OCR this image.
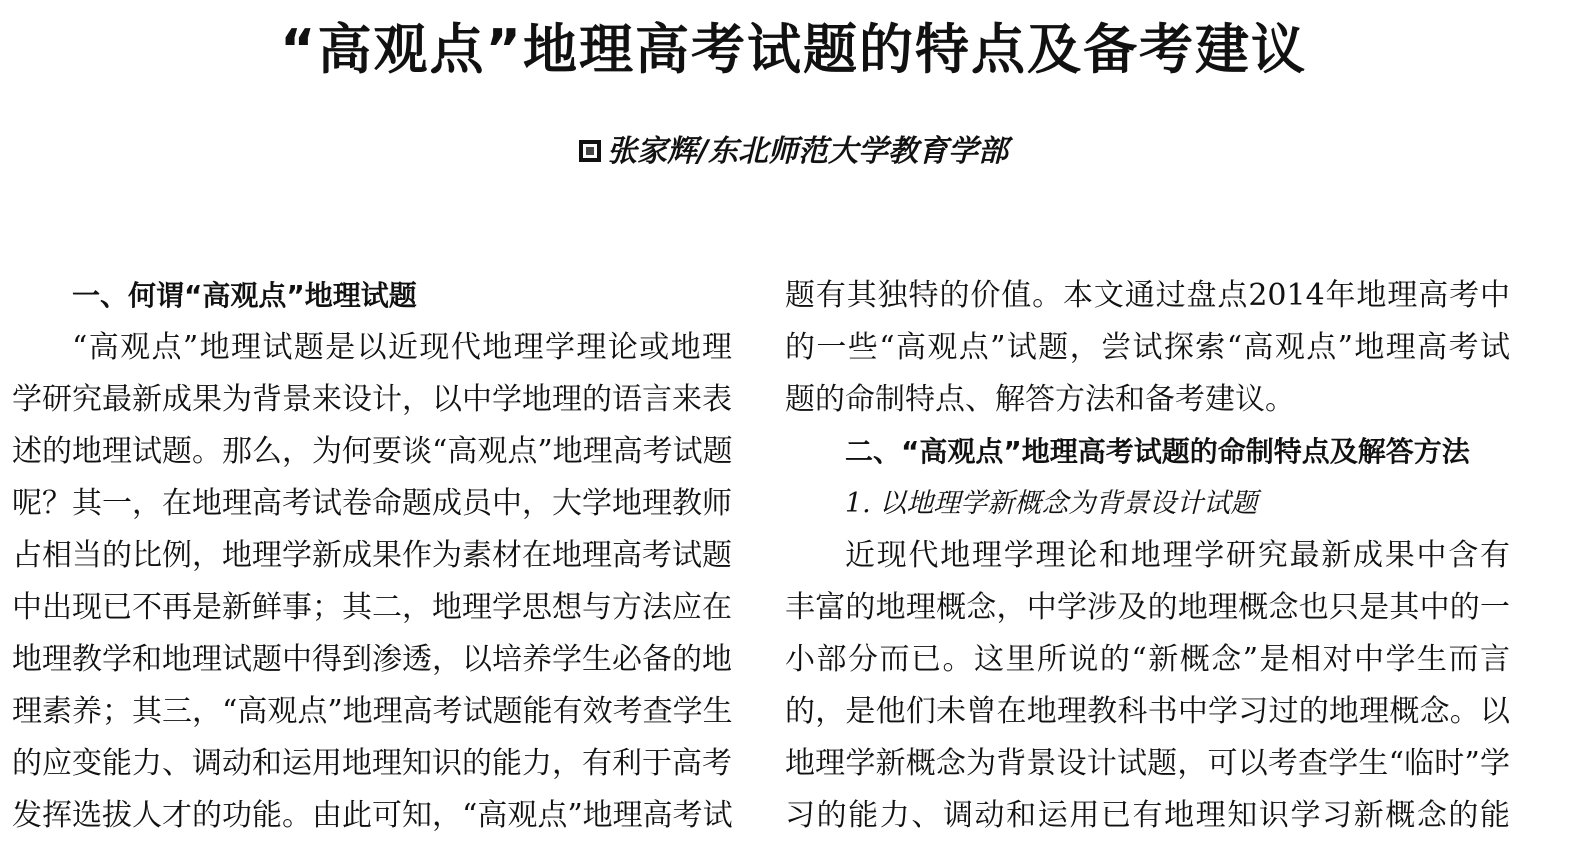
“高观点”地理高考试题的特点及备考建议
张家辉/东北师范大学教育学部
一、何谓“高观点”地理试题
“高观点”地理试题是以近现代地理学理论或地理
学研究最新成果为背景来设计，以中学地理的语言来表
述的地理试题。那么，为何要谈“高观点”地理高考试题
呢？其一，在地理高考试卷命题成员中，大学地理教师
占相当的比例，地理学新成果作为素材在地理高考试题
中出现已不再是新鲜事；其二，地理学思想与方法应在
地理教学和地理试题中得到渗透，以培养学生必备的地
理素养；其三，“高观点”地理高考试题能有效考查学生
的应变能力、调动和运用地理知识的能力，有利于高考
发挥选拔人才的功能。由此可知，“高观点”地理高考试
题有其独特的价值。本文通过盘点2014年地理高考中
的一些“高观点”试题，尝试探索“高观点”地理高考试
题的命制特点、解答方法和备考建议。
二、“高观点”地理高考试题的命制特点及解答方法
1. 以地理学新概念为背景设计试题
近现代地理学理论和地理学研究最新成果中含有
丰富的地理概念，中学涉及的地理概念也只是其中的一
小部分而已。这里所说的“新概念”是相对中学生而言
的，是他们未曾在地理教科书中学习过的地理概念。以
地理学新概念为背景设计试题，可以考查学生“临时”学
习的能力、调动和运用已有地理知识学习新概念的能
